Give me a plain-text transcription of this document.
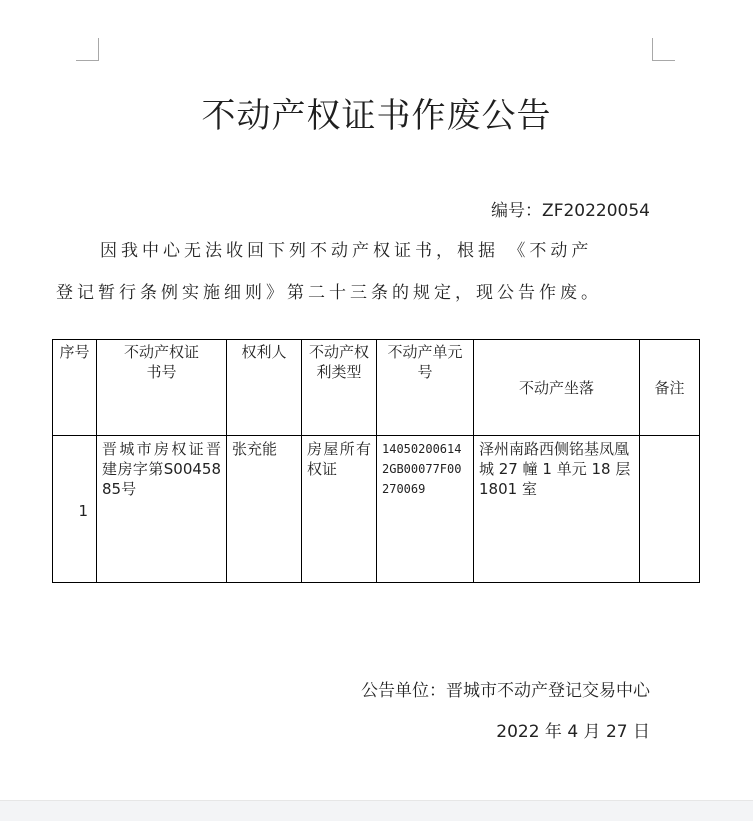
不动产权证书作废公告
编号：ZF20220054
因我中心无法收回下列不动产权证书，根据 《不动产
登记暂行条例实施细则》第二十三条的规定，现公告作废。
序号	不动产权证书号	权利人	不动产权利类型	不动产单元号	不动产坐落	备注
1	晋城市房权证晋建房字第S0045885号	张充能	房屋所有权证	140502006142GB00077F00270069	泽州南路西侧铭基凤凰城 27 幢 1 单元 18 层 1801 室	
公告单位：晋城市不动产登记交易中心
2022 年 4 月 27 日
